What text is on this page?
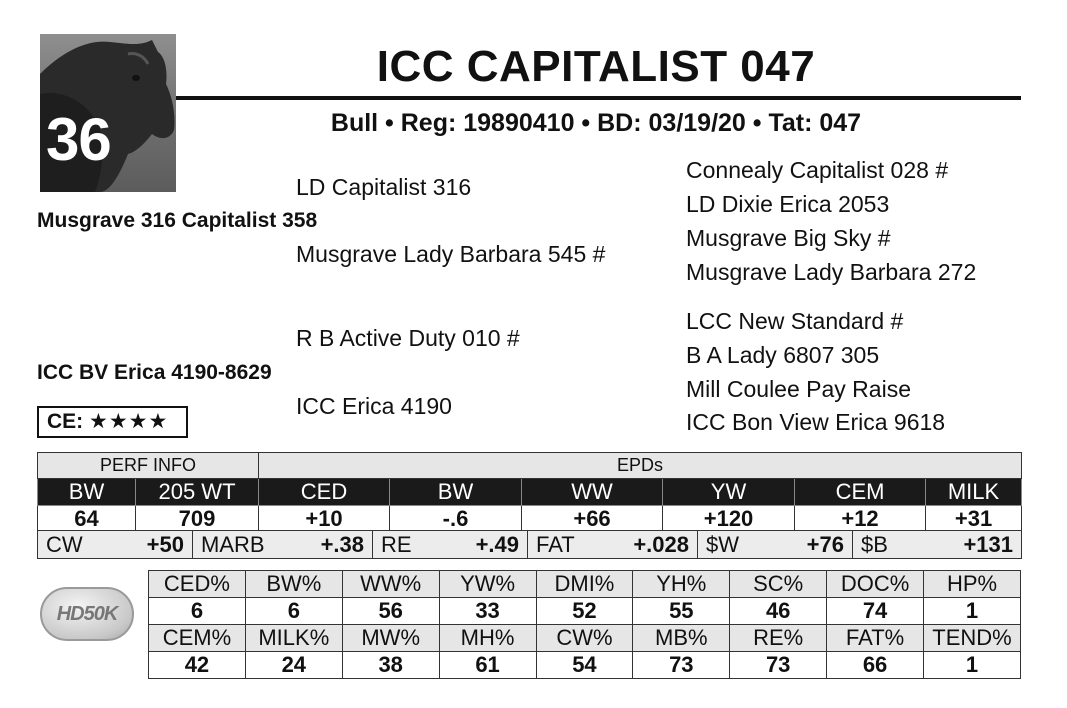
36
ICC CAPITALIST 047
Bull • Reg: 19890410 • BD: 03/19/20 • Tat: 047
Musgrave 316 Capitalist 358
LD Capitalist 316
Musgrave Lady Barbara 545 #
Connealy Capitalist 028 #
LD Dixie Erica 2053
Musgrave Big Sky #
Musgrave Lady Barbara 272
ICC BV Erica 4190-8629
R B Active Duty 010 #
ICC Erica 4190
LCC New Standard #
B A Lady 6807 305
Mill Coulee Pay Raise
ICC Bon View Erica 9618
CE: ★★★★
PERF INFO		EPDs					
BW	205 WT	CED	BW	WW	YW	CEM	MILK
64	709	+10	-.6	+66	+120	+12	+31
CW	+50	MARB	+.38	RE	+.49	FAT	+.028	$W	+76	$B	+131
HD50K
CED%	BW%	WW%	YW%	DMI%	YH%	SC%	DOC%	HP%
6	6	56	33	52	55	46	74	1
CEM%	MILK%	MW%	MH%	CW%	MB%	RE%	FAT%	TEND%
42	24	38	61	54	73	73	66	1
